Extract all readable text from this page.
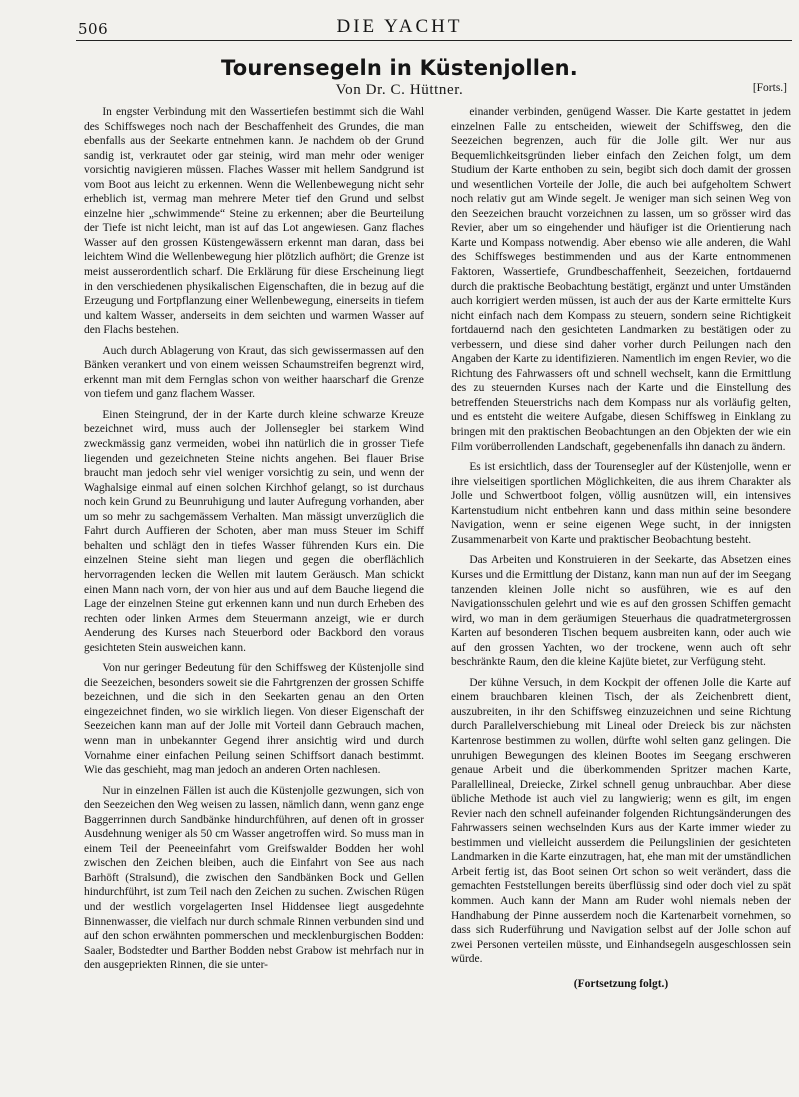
506	DIE YACHT
Tourensegeln in Küstenjollen.
Von Dr. C. Hüttner.	[Forts.]

In engster Verbindung mit den Wassertiefen bestimmt sich die Wahl des Schiffsweges noch nach der Beschaffenheit des Grundes, die man ebenfalls aus der Seekarte entnehmen kann. Je nachdem ob der Grund sandig ist, verkrautet oder gar steinig, wird man mehr oder weniger vorsichtig navigieren müssen. Flaches Wasser mit hellem Sandgrund ist vom Boot aus leicht zu erkennen. Wenn die Wellenbewegung nicht sehr erheblich ist, vermag man mehrere Meter tief den Grund und selbst einzelne hier „schwimmende“ Steine zu erkennen; aber die Beurteilung der Tiefe ist nicht leicht, man ist auf das Lot angewiesen. Ganz flaches Wasser auf den grossen Küstengewässern erkennt man daran, dass bei leichtem Wind die Wellenbewegung hier plötzlich aufhört; die Grenze ist meist ausserordentlich scharf. Die Erklärung für diese Erscheinung liegt in den verschiedenen physikalischen Eigenschaften, die in bezug auf die Erzeugung und Fortpflanzung einer Wellenbewegung, einerseits in tiefem und kaltem Wasser, anderseits in dem seichten und warmen Wasser auf den Flachs bestehen.

Auch durch Ablagerung von Kraut, das sich gewissermassen auf den Bänken verankert und von einem weissen Schaumstreifen begrenzt wird, erkennt man mit dem Fernglas schon von weither haarscharf die Grenze von tiefem und ganz flachem Wasser.

Einen Steingrund, der in der Karte durch kleine schwarze Kreuze bezeichnet wird, muss auch der Jollensegler bei starkem Wind zweckmässig ganz vermeiden, wobei ihn natürlich die in grosser Tiefe liegenden und gezeichneten Steine nichts angehen. Bei flauer Brise braucht man jedoch sehr viel weniger vorsichtig zu sein, und wenn der Waghalsige einmal auf einen solchen Kirchhof gelangt, so ist durchaus noch kein Grund zu Beunruhigung und lauter Aufregung vorhanden, aber um so mehr zu sachgemässem Verhalten. Man mässigt unverzüglich die Fahrt durch Auffieren der Schoten, aber man muss Steuer im Schiff behalten und schlägt den in tiefes Wasser führenden Kurs ein. Die einzelnen Steine sieht man liegen und gegen die oberflächlich hervorragenden lecken die Wellen mit lautem Geräusch. Man schickt einen Mann nach vorn, der von hier aus und auf dem Bauche liegend die Lage der einzelnen Steine gut erkennen kann und nun durch Erheben des rechten oder linken Armes dem Steuermann anzeigt, wie er durch Aenderung des Kurses nach Steuerbord oder Backbord den voraus gesichteten Stein ausweichen kann.

Von nur geringer Bedeutung für den Schiffsweg der Küstenjolle sind die Seezeichen, besonders soweit sie die Fahrtgrenzen der grossen Schiffe bezeichnen, und die sich in den Seekarten genau an den Orten eingezeichnet finden, wo sie wirklich liegen. Von dieser Eigenschaft der Seezeichen kann man auf der Jolle mit Vorteil dann Gebrauch machen, wenn man in unbekannter Gegend ihrer ansichtig wird und durch Vornahme einer einfachen Peilung seinen Schiffsort danach bestimmt. Wie das geschieht, mag man jedoch an anderen Orten nachlesen.

Nur in einzelnen Fällen ist auch die Küstenjolle gezwungen, sich von den Seezeichen den Weg weisen zu lassen, nämlich dann, wenn ganz enge Baggerrinnen durch Sandbänke hindurchführen, auf denen oft in grosser Ausdehnung weniger als 50 cm Wasser angetroffen wird. So muss man in einem Teil der Peeneeinfahrt vom Greifswalder Bodden her wohl zwischen den Zeichen bleiben, auch die Einfahrt von See aus nach Barhöft (Stralsund), die zwischen den Sandbänken Bock und Gellen hindurchführt, ist zum Teil nach den Zeichen zu suchen. Zwischen Rügen und der westlich vorgelagerten Insel Hiddensee liegt ausgedehnte Binnenwasser, die vielfach nur durch schmale Rinnen verbunden sind und auf den schon erwähnten pommerschen und mecklenburgischen Bodden: Saaler, Bodstedter und Barther Bodden nebst Grabow ist mehrfach nur in den ausgepriekten Rinnen, die sie unter-

einander verbinden, genügend Wasser. Die Karte gestattet in jedem einzelnen Falle zu entscheiden, wieweit der Schiffsweg, den die Seezeichen begrenzen, auch für die Jolle gilt. Wer nur aus Bequemlichkeitsgründen lieber einfach den Zeichen folgt, um dem Studium der Karte enthoben zu sein, begibt sich doch damit der grossen und wesentlichen Vorteile der Jolle, die auch bei aufgeholtem Schwert noch relativ gut am Winde segelt. Je weniger man sich seinen Weg von den Seezeichen braucht vorzeichnen zu lassen, um so grösser wird das Revier, aber um so eingehender und häufiger ist die Orientierung nach Karte und Kompass notwendig. Aber ebenso wie alle anderen, die Wahl des Schiffsweges bestimmenden und aus der Karte entnommenen Faktoren, Wassertiefe, Grundbeschaffenheit, Seezeichen, fortdauernd durch die praktische Beobachtung bestätigt, ergänzt und unter Umständen auch korrigiert werden müssen, ist auch der aus der Karte ermittelte Kurs nicht einfach nach dem Kompass zu steuern, sondern seine Richtigkeit fortdauernd nach den gesichteten Landmarken zu bestätigen oder zu verbessern, und diese sind daher vorher durch Peilungen nach den Angaben der Karte zu identifizieren. Namentlich im engen Revier, wo die Richtung des Fahrwassers oft und schnell wechselt, kann die Ermittlung des zu steuernden Kurses nach der Karte und die Einstellung des betreffenden Steuerstrichs nach dem Kompass nur als vorläufig gelten, und es entsteht die weitere Aufgabe, diesen Schiffsweg in Einklang zu bringen mit den praktischen Beobachtungen an den Objekten der wie ein Film vorüberrollenden Landschaft, gegebenenfalls ihn danach zu ändern.

Es ist ersichtlich, dass der Tourensegler auf der Küstenjolle, wenn er ihre vielseitigen sportlichen Möglichkeiten, die aus ihrem Charakter als Jolle und Schwertboot folgen, völlig ausnützen will, ein intensives Kartenstudium nicht entbehren kann und dass mithin seine besondere Navigation, wenn er seine eigenen Wege sucht, in der innigsten Zusammenarbeit von Karte und praktischer Beobachtung besteht.

Das Arbeiten und Konstruieren in der Seekarte, das Absetzen eines Kurses und die Ermittlung der Distanz, kann man nun auf der im Seegang tanzenden kleinen Jolle nicht so ausführen, wie es auf den Navigationsschulen gelehrt und wie es auf den grossen Schiffen gemacht wird, wo man in dem geräumigen Steuerhaus die quadratmetergrossen Karten auf besonderen Tischen bequem ausbreiten kann, oder auch wie auf den grossen Yachten, wo der trockene, wenn auch oft sehr beschränkte Raum, den die kleine Kajüte bietet, zur Verfügung steht.

Der kühne Versuch, in dem Kockpit der offenen Jolle die Karte auf einem brauchbaren kleinen Tisch, der als Zeichenbrett dient, auszubreiten, in ihr den Schiffsweg einzuzeichnen und seine Richtung durch Parallelverschiebung mit Lineal oder Dreieck bis zur nächsten Kartenrose bestimmen zu wollen, dürfte wohl selten ganz gelingen. Die unruhigen Bewegungen des kleinen Bootes im Seegang erschweren genaue Arbeit und die überkommenden Spritzer machen Karte, Parallellineal, Dreiecke, Zirkel schnell genug unbrauchbar. Aber diese übliche Methode ist auch viel zu langwierig; wenn es gilt, im engen Revier nach den schnell aufeinander folgenden Richtungsänderungen des Fahrwassers seinen wechselnden Kurs aus der Karte immer wieder zu bestimmen und vielleicht ausserdem die Peilungslinien der gesichteten Landmarken in die Karte einzutragen, hat, ehe man mit der umständlichen Arbeit fertig ist, das Boot seinen Ort schon so weit verändert, dass die gemachten Feststellungen bereits überflüssig sind oder doch viel zu spät kommen. Auch kann der Mann am Ruder wohl niemals neben der Handhabung der Pinne ausserdem noch die Kartenarbeit vornehmen, so dass sich Ruderführung und Navigation selbst auf der Jolle schon auf zwei Personen verteilen müsste, und Einhandsegeln ausgeschlossen sein würde.

(Fortsetzung folgt.)
